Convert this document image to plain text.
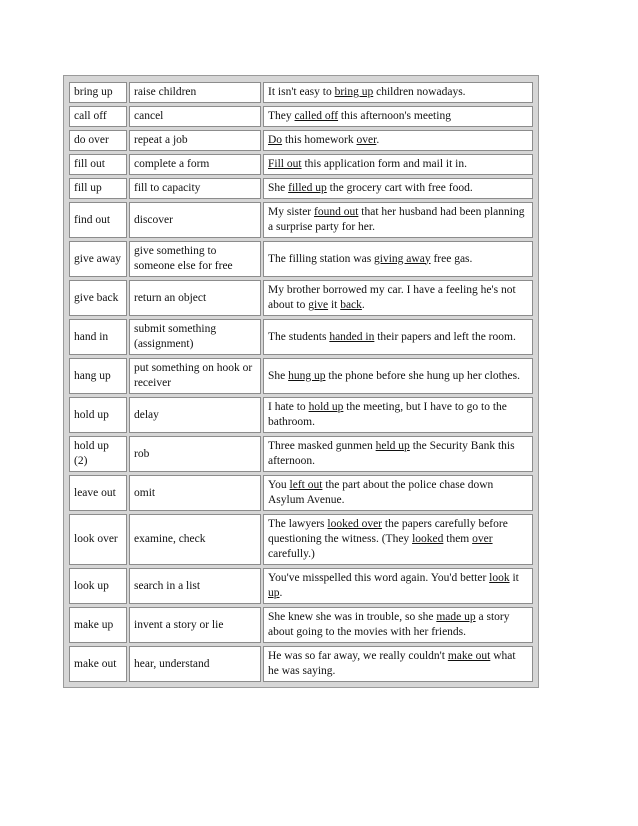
bring up	raise children	It isn't easy to bring up children nowadays.
call off	cancel	They called off this afternoon's meeting
do over	repeat a job	Do this homework over.
fill out	complete a form	Fill out this application form and mail it in.
fill up	fill to capacity	She filled up the grocery cart with free food.
find out	discover	My sister found out that her husband had been planning a surprise party for her.
give away	give something to someone else for free	The filling station was giving away free gas.
give back	return an object	My brother borrowed my car. I have a feeling he's not about to give it back.
hand in	submit something (assignment)	The students handed in their papers and left the room.
hang up	put something on hook or receiver	She hung up the phone before she hung up her clothes.
hold up	delay	I hate to hold up the meeting, but I have to go to the bathroom.
hold up (2)	rob	Three masked gunmen held up the Security Bank this afternoon.
leave out	omit	You left out the part about the police chase down Asylum Avenue.
look over	examine, check	The lawyers looked over the papers carefully before questioning the witness. (They looked them over carefully.)
look up	search in a list	You've misspelled this word again. You'd better look it up.
make up	invent a story or lie	She knew she was in trouble, so she made up a story about going to the movies with her friends.
make out	hear, understand	He was so far away, we really couldn't make out what he was saying.
